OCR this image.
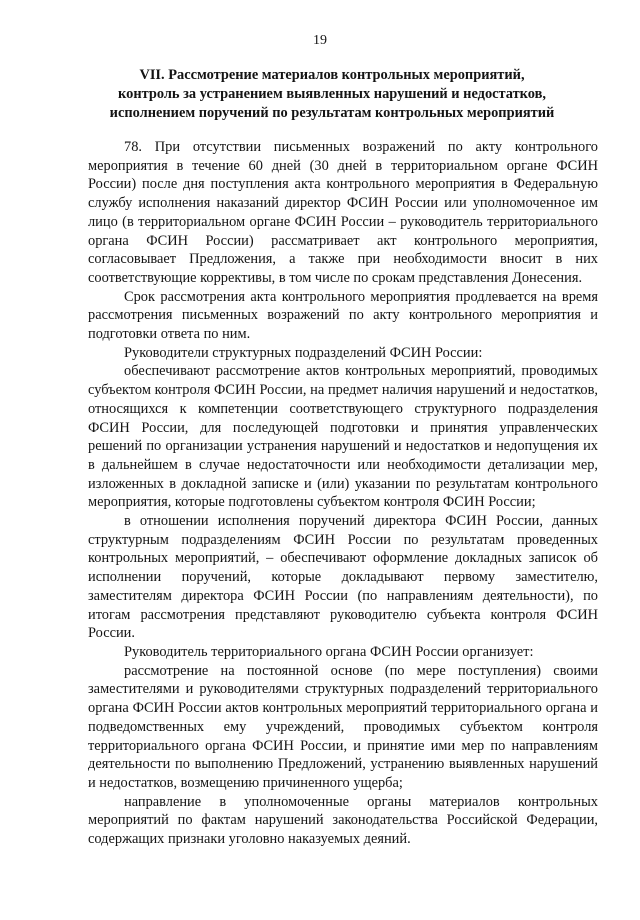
19
VII. Рассмотрение материалов контрольных мероприятий,
контроль за устранением выявленных нарушений и недостатков,
исполнением поручений по результатам контрольных мероприятий

78. При отсутствии письменных возражений по акту контрольного мероприятия в течение 60 дней (30 дней в территориальном органе ФСИН России) после дня поступления акта контрольного мероприятия в Федеральную службу исполнения наказаний директор ФСИН России или уполномоченное им лицо (в территориальном органе ФСИН России – руководитель территориального органа ФСИН России) рассматривает акт контрольного мероприятия, согласовывает Предложения, а также при необходимости вносит в них соответствующие коррективы, в том числе по срокам представления Донесения.

Срок рассмотрения акта контрольного мероприятия продлевается на время рассмотрения письменных возражений по акту контрольного мероприятия и подготовки ответа по ним.

Руководители структурных подразделений ФСИН России:

обеспечивают рассмотрение актов контрольных мероприятий, проводимых субъектом контроля ФСИН России, на предмет наличия нарушений и недостатков, относящихся к компетенции соответствующего структурного подразделения ФСИН России, для последующей подготовки и принятия управленческих решений по организации устранения нарушений и недостатков и недопущения их в дальнейшем в случае недостаточности или необходимости детализации мер, изложенных в докладной записке и (или) указании по результатам контрольного мероприятия, которые подготовлены субъектом контроля ФСИН России;

в отношении исполнения поручений директора ФСИН России, данных структурным подразделениям ФСИН России по результатам проведенных контрольных мероприятий, – обеспечивают оформление докладных записок об исполнении поручений, которые докладывают первому заместителю, заместителям директора ФСИН России (по направлениям деятельности), по итогам рассмотрения представляют руководителю субъекта контроля ФСИН России.

Руководитель территориального органа ФСИН России организует:

рассмотрение на постоянной основе (по мере поступления) своими заместителями и руководителями структурных подразделений территориального органа ФСИН России актов контрольных мероприятий территориального органа и подведомственных ему учреждений, проводимых субъектом контроля территориального органа ФСИН России, и принятие ими мер по направлениям деятельности по выполнению Предложений, устранению выявленных нарушений и недостатков, возмещению причиненного ущерба;

направление в уполномоченные органы материалов контрольных мероприятий по фактам нарушений законодательства Российской Федерации, содержащих признаки уголовно наказуемых деяний.
